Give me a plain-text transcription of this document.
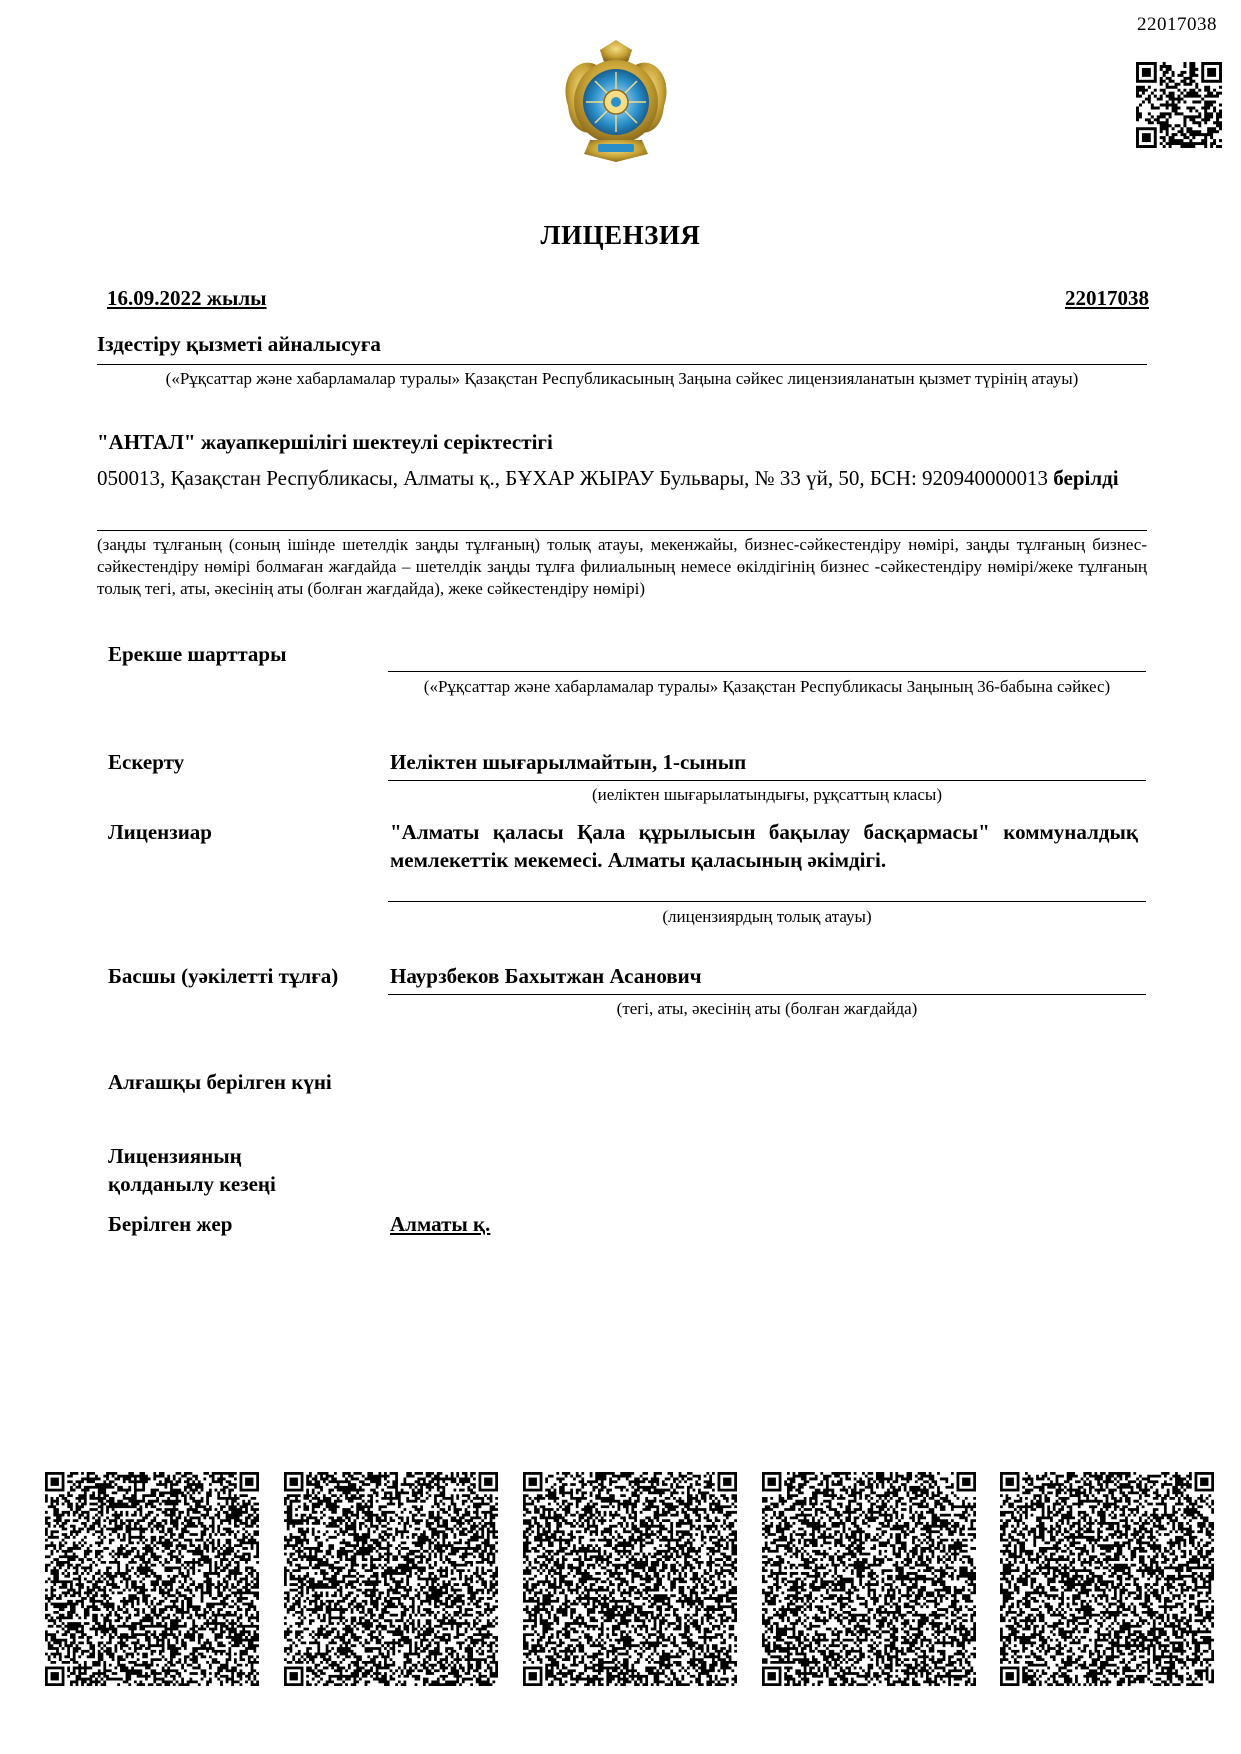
22017038
ЛИЦЕНЗИЯ
16.09.2022 жылы	22017038
Іздестіру қызметі айналысуға
(«Рұқсаттар және хабарламалар туралы» Қазақстан Республикасының Заңына сәйкес лицензияланатын қызмет түрінің атауы)
"АНТАЛ" жауапкершілігі шектеулі серіктестігі
050013, Қазақстан Республикасы, Алматы қ., БҰХАР ЖЫРАУ Бульвары, № 33 үй, 50, БСН: 920940000013 берілді
(заңды тұлғаның (соның ішінде шетелдік заңды тұлғаның) толық атауы, мекенжайы, бизнес-сәйкестендіру нөмірі, заңды тұлғаның бизнес-сәйкестендіру нөмірі болмаған жағдайда – шетелдік заңды тұлға филиалының немесе өкілдігінің бизнес -сәйкестендіру нөмірі/жеке тұлғаның толық тегі, аты, әкесінің аты (болған жағдайда), жеке сәйкестендіру нөмірі)
Ерекше шарттары
(«Рұқсаттар және хабарламалар туралы» Қазақстан Республикасы Заңының 36-бабына сәйкес)
Ескерту	Иеліктен шығарылмайтын, 1-сынып
(иеліктен шығарылатындығы, рұқсаттың класы)
Лицензиар	"Алматы қаласы Қала құрылысын бақылау басқармасы" коммуналдық мемлекеттік мекемесі. Алматы қаласының әкімдігі.
(лицензиярдың толық атауы)
Басшы (уәкілетті тұлға) Наурзбеков Бахытжан Асанович
(тегі, аты, әкесінің аты (болған жағдайда)
Алғашқы берілген күні
Лицензияның қолданылу кезеңі
Берілген жер	Алматы қ.
